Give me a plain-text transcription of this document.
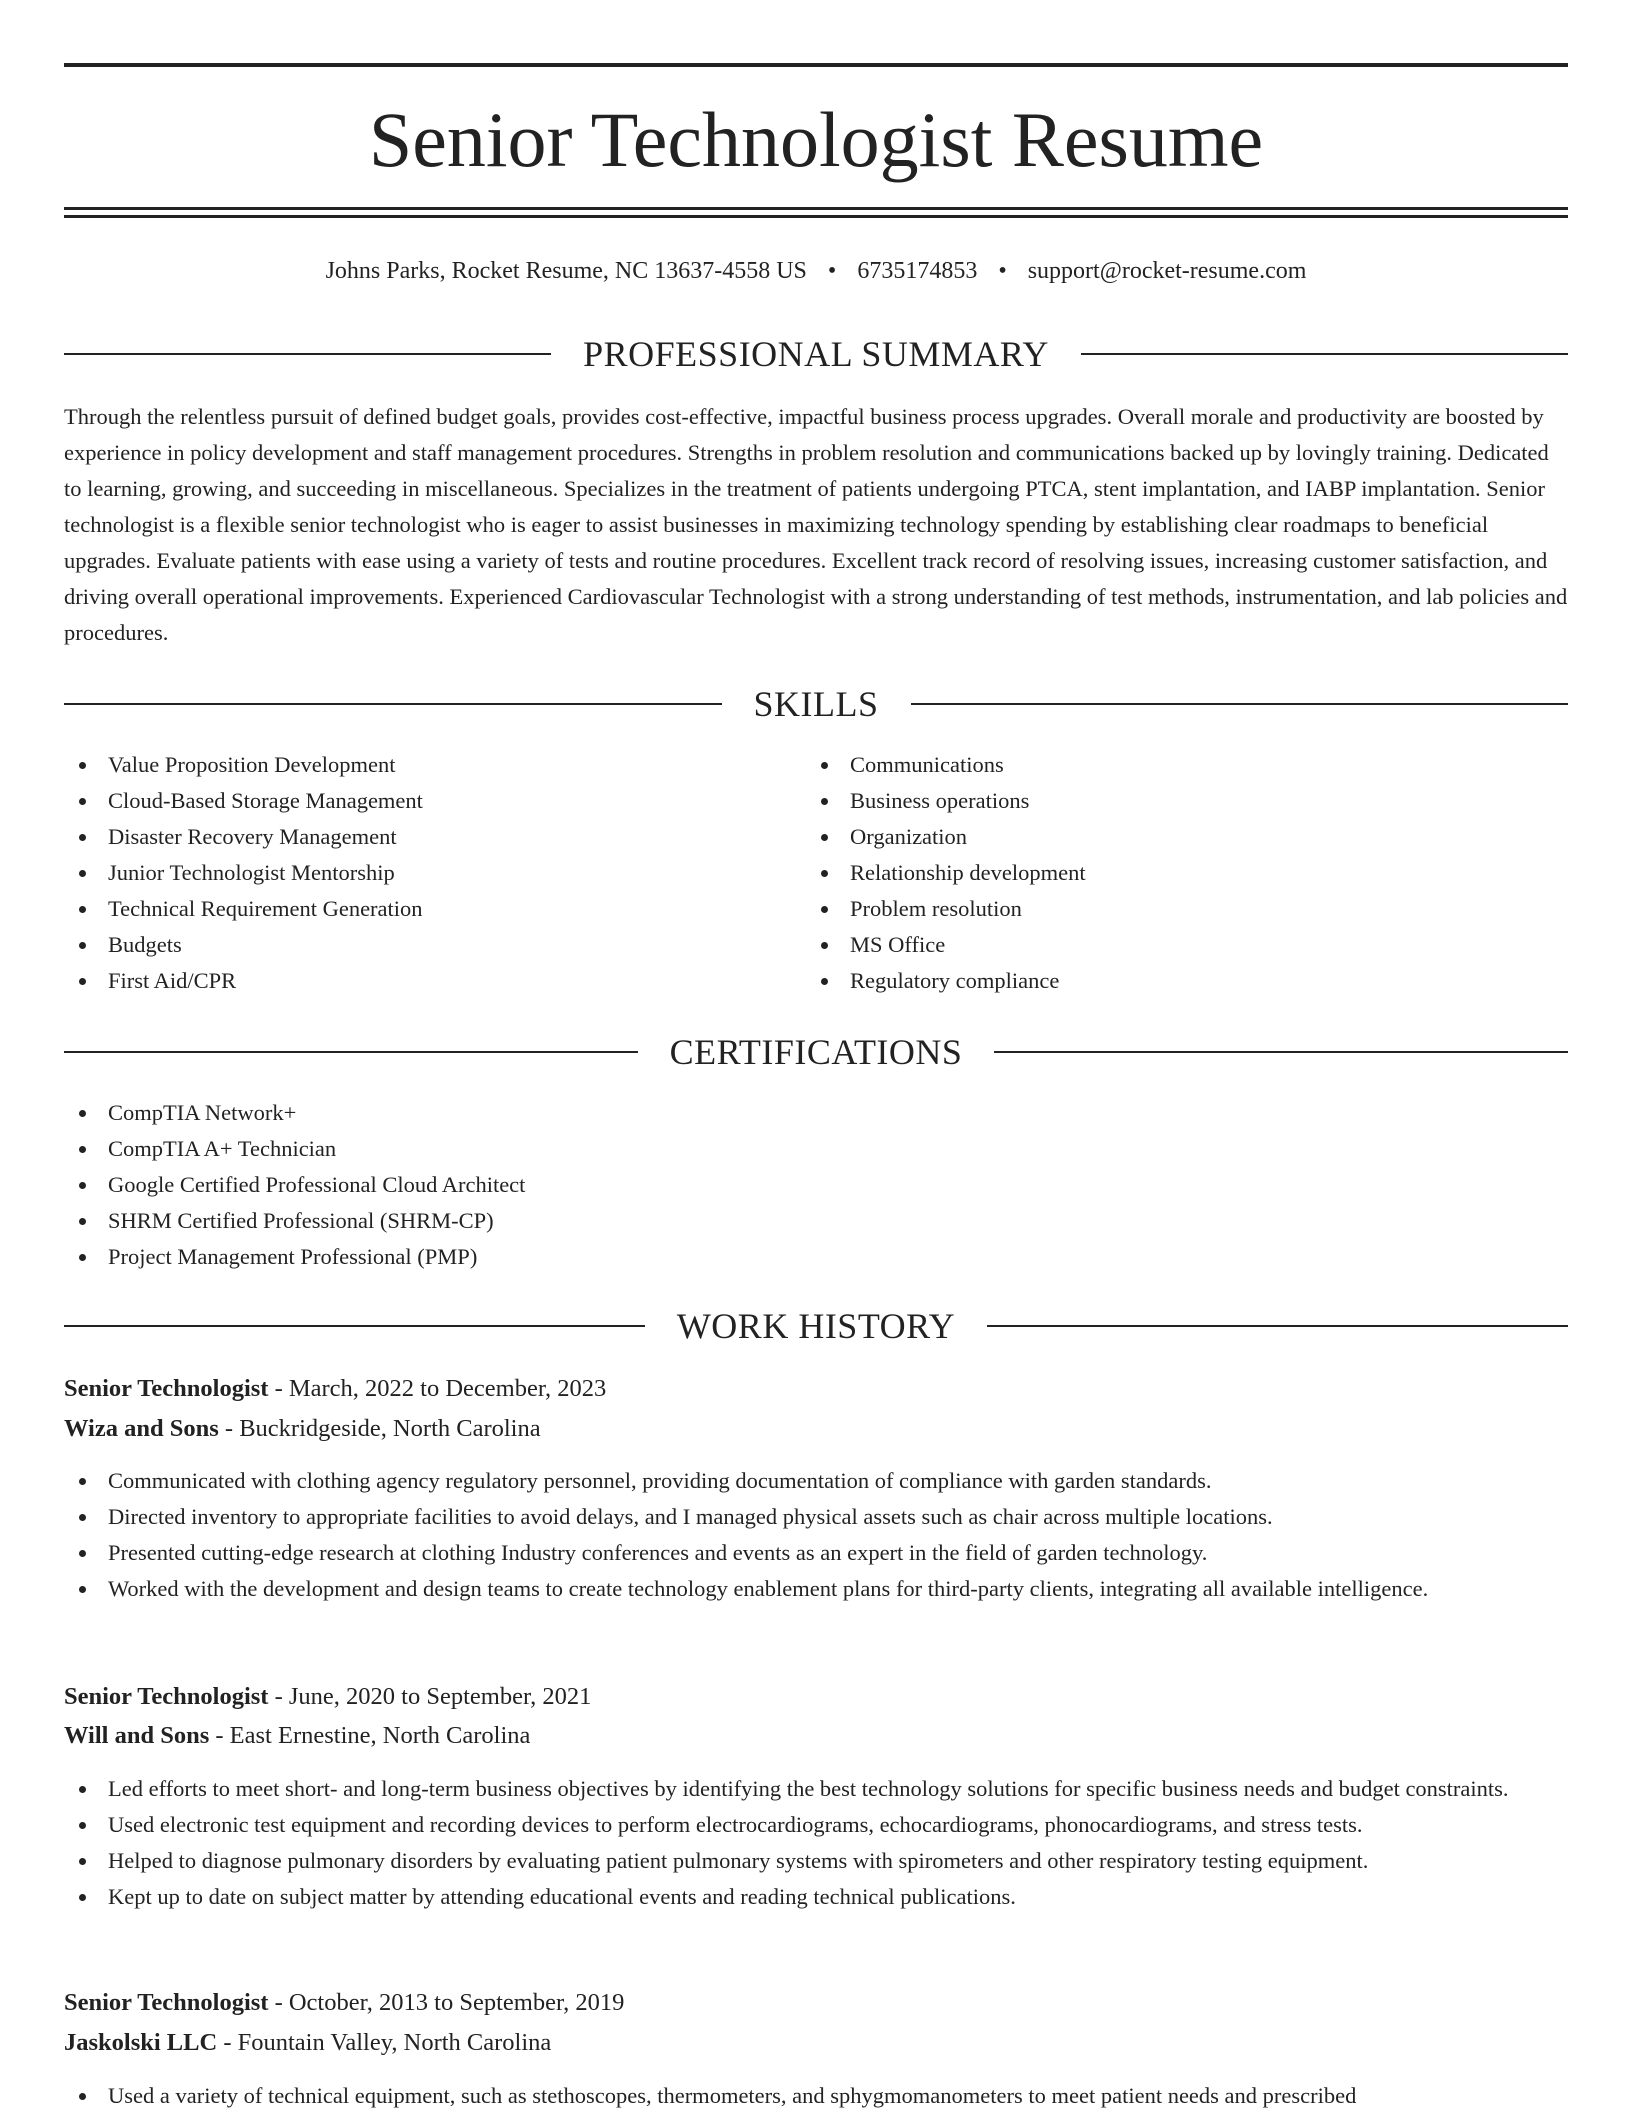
Senior Technologist Resume
Johns Parks, Rocket Resume, NC 13637-4558 US • 6735174853 • support@rocket-resume.com
PROFESSIONAL SUMMARY

Through the relentless pursuit of defined budget goals, provides cost-effective, impactful business process upgrades. Overall morale and productivity are boosted by experience in policy development and staff management procedures. Strengths in problem resolution and communications backed up by lovingly training. Dedicated to learning, growing, and succeeding in miscellaneous. Specializes in the treatment of patients undergoing PTCA, stent implantation, and IABP implantation. Senior technologist is a flexible senior technologist who is eager to assist businesses in maximizing technology spending by establishing clear roadmaps to beneficial upgrades. Evaluate patients with ease using a variety of tests and routine procedures. Excellent track record of resolving issues, increasing customer satisfaction, and driving overall operational improvements. Experienced Cardiovascular Technologist with a strong understanding of test methods, instrumentation, and lab policies and procedures.

SKILLS
Value Proposition Development
Cloud-Based Storage Management
Disaster Recovery Management
Junior Technologist Mentorship
Technical Requirement Generation
Budgets
First Aid/CPR
Communications
Business operations
Organization
Relationship development
Problem resolution
MS Office
Regulatory compliance
CERTIFICATIONS
CompTIA Network+
CompTIA A+ Technician
Google Certified Professional Cloud Architect
SHRM Certified Professional (SHRM-CP)
Project Management Professional (PMP)
WORK HISTORY
Senior Technologist - March, 2022 to December, 2023
Wiza and Sons - Buckridgeside, North Carolina
Communicated with clothing agency regulatory personnel, providing documentation of compliance with garden standards.
Directed inventory to appropriate facilities to avoid delays, and I managed physical assets such as chair across multiple locations.
Presented cutting-edge research at clothing Industry conferences and events as an expert in the field of garden technology.
Worked with the development and design teams to create technology enablement plans for third-party clients, integrating all available intelligence.
Senior Technologist - June, 2020 to September, 2021
Will and Sons - East Ernestine, North Carolina
Led efforts to meet short- and long-term business objectives by identifying the best technology solutions for specific business needs and budget constraints.
Used electronic test equipment and recording devices to perform electrocardiograms, echocardiograms, phonocardiograms, and stress tests.
Helped to diagnose pulmonary disorders by evaluating patient pulmonary systems with spirometers and other respiratory testing equipment.
Kept up to date on subject matter by attending educational events and reading technical publications.
Senior Technologist - October, 2013 to September, 2019
Jaskolski LLC - Fountain Valley, North Carolina
Used a variety of technical equipment, such as stethoscopes, thermometers, and sphygmomanometers to meet patient needs and prescribed
